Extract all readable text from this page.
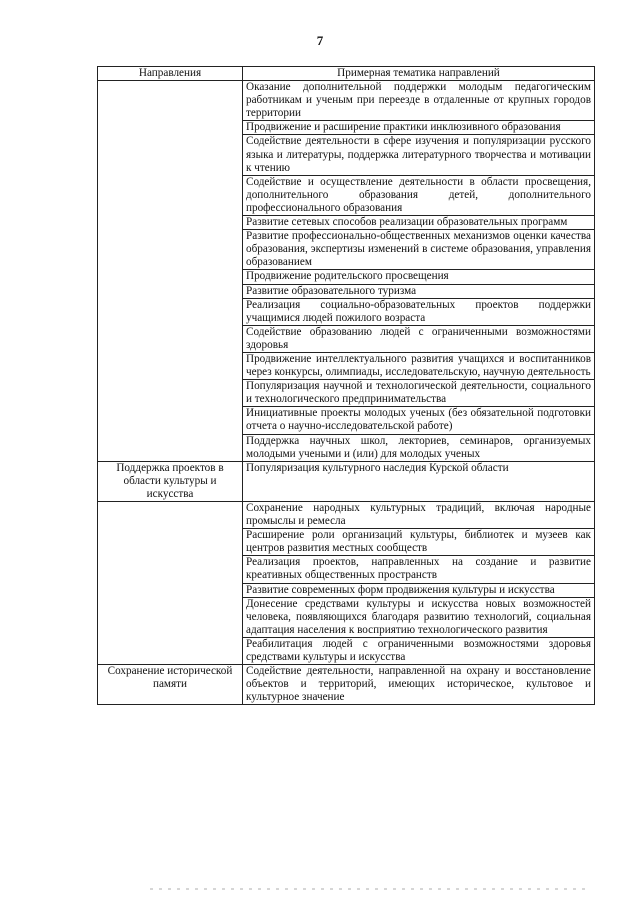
7
Направления	Примерная тематика направлений
	Оказание дополнительной поддержки молодым педагогическим работникам и ученым при переезде в отдаленные от крупных городов территории
	Продвижение и расширение практики инклюзивного образования
	Содействие деятельности в сфере изучения и популяризации русского языка и литературы, поддержка литературного творчества и мотивации к чтению
	Содействие и осуществление деятельности в области просвещения, дополнительного образования детей, дополнительного профессионального образования
	Развитие сетевых способов реализации образовательных программ
	Развитие профессионально-общественных механизмов оценки качества образования, экспертизы изменений в системе образования, управления образованием
	Продвижение родительского просвещения
	Развитие образовательного туризма
	Реализация социально-образовательных проектов поддержки учащимися людей пожилого возраста
	Содействие образованию людей с ограниченными возможностями здоровья
	Продвижение интеллектуального развития учащихся и воспитанников через конкурсы, олимпиады, исследовательскую, научную деятельность
	Популяризация научной и технологической деятельности, социального и технологического предпринимательства
	Инициативные проекты молодых ученых (без обязательной подготовки отчета о научно-исследовательской работе)
	Поддержка научных школ, лекториев, семинаров, организуемых молодыми учеными и (или) для молодых ученых
Поддержка проектов в области культуры и искусства	Популяризация культурного наследия Курской области
	Сохранение народных культурных традиций, включая народные промыслы и ремесла
	Расширение роли организаций культуры, библиотек и музеев как центров развития местных сообществ
	Реализация проектов, направленных на создание и развитие креативных общественных пространств
	Развитие современных форм продвижения культуры и искусства
	Донесение средствами культуры и искусства новых возможностей человека, появляющихся благодаря развитию технологий, социальная адаптация населения к восприятию технологического развития
	Реабилитация людей с ограниченными возможностями здоровья средствами культуры и искусства
Сохранение исторической памяти	Содействие деятельности, направленной на охрану и восстановление объектов и территорий, имеющих историческое, культовое и культурное значение
